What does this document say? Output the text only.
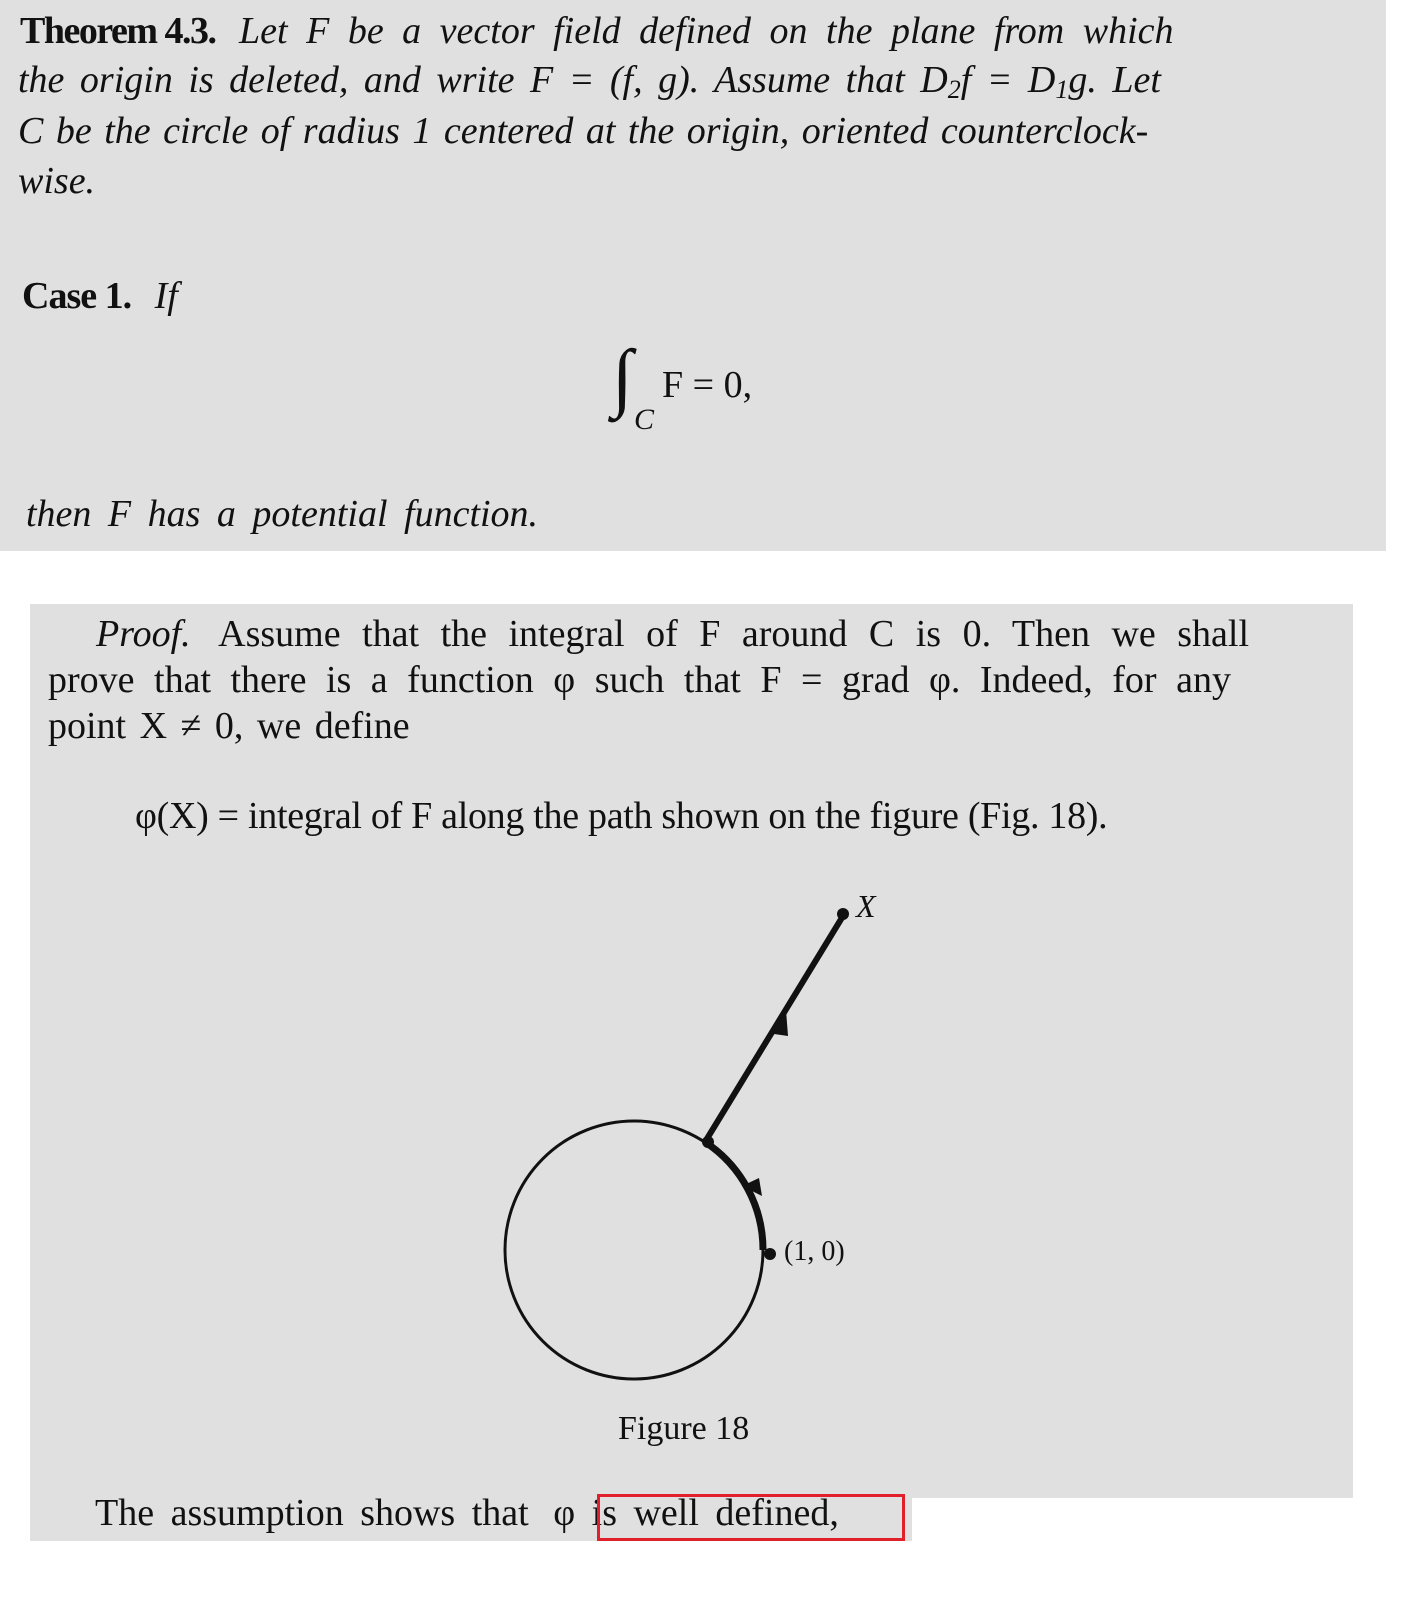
Theorem 4.3. Let F be a vector field defined on the plane from which
the origin is deleted, and write F = (f, g). Assume that $D_2f = D_1g$. Let
C be the circle of radius 1 centered at the origin, oriented counterclock-
wise.
Case 1. If
∫
C
F = 0,
then F has a potential function.
Proof. Assume that the integral of F around C is 0. Then we shall
prove that there is a function φ such that F = grad φ. Indeed, for any
point X ≠ 0, we define
φ(X) = integral of F along the path shown on the figure (Fig. 18).
X
(1, 0)
Figure 18
The assumption shows that φ is well defined,
